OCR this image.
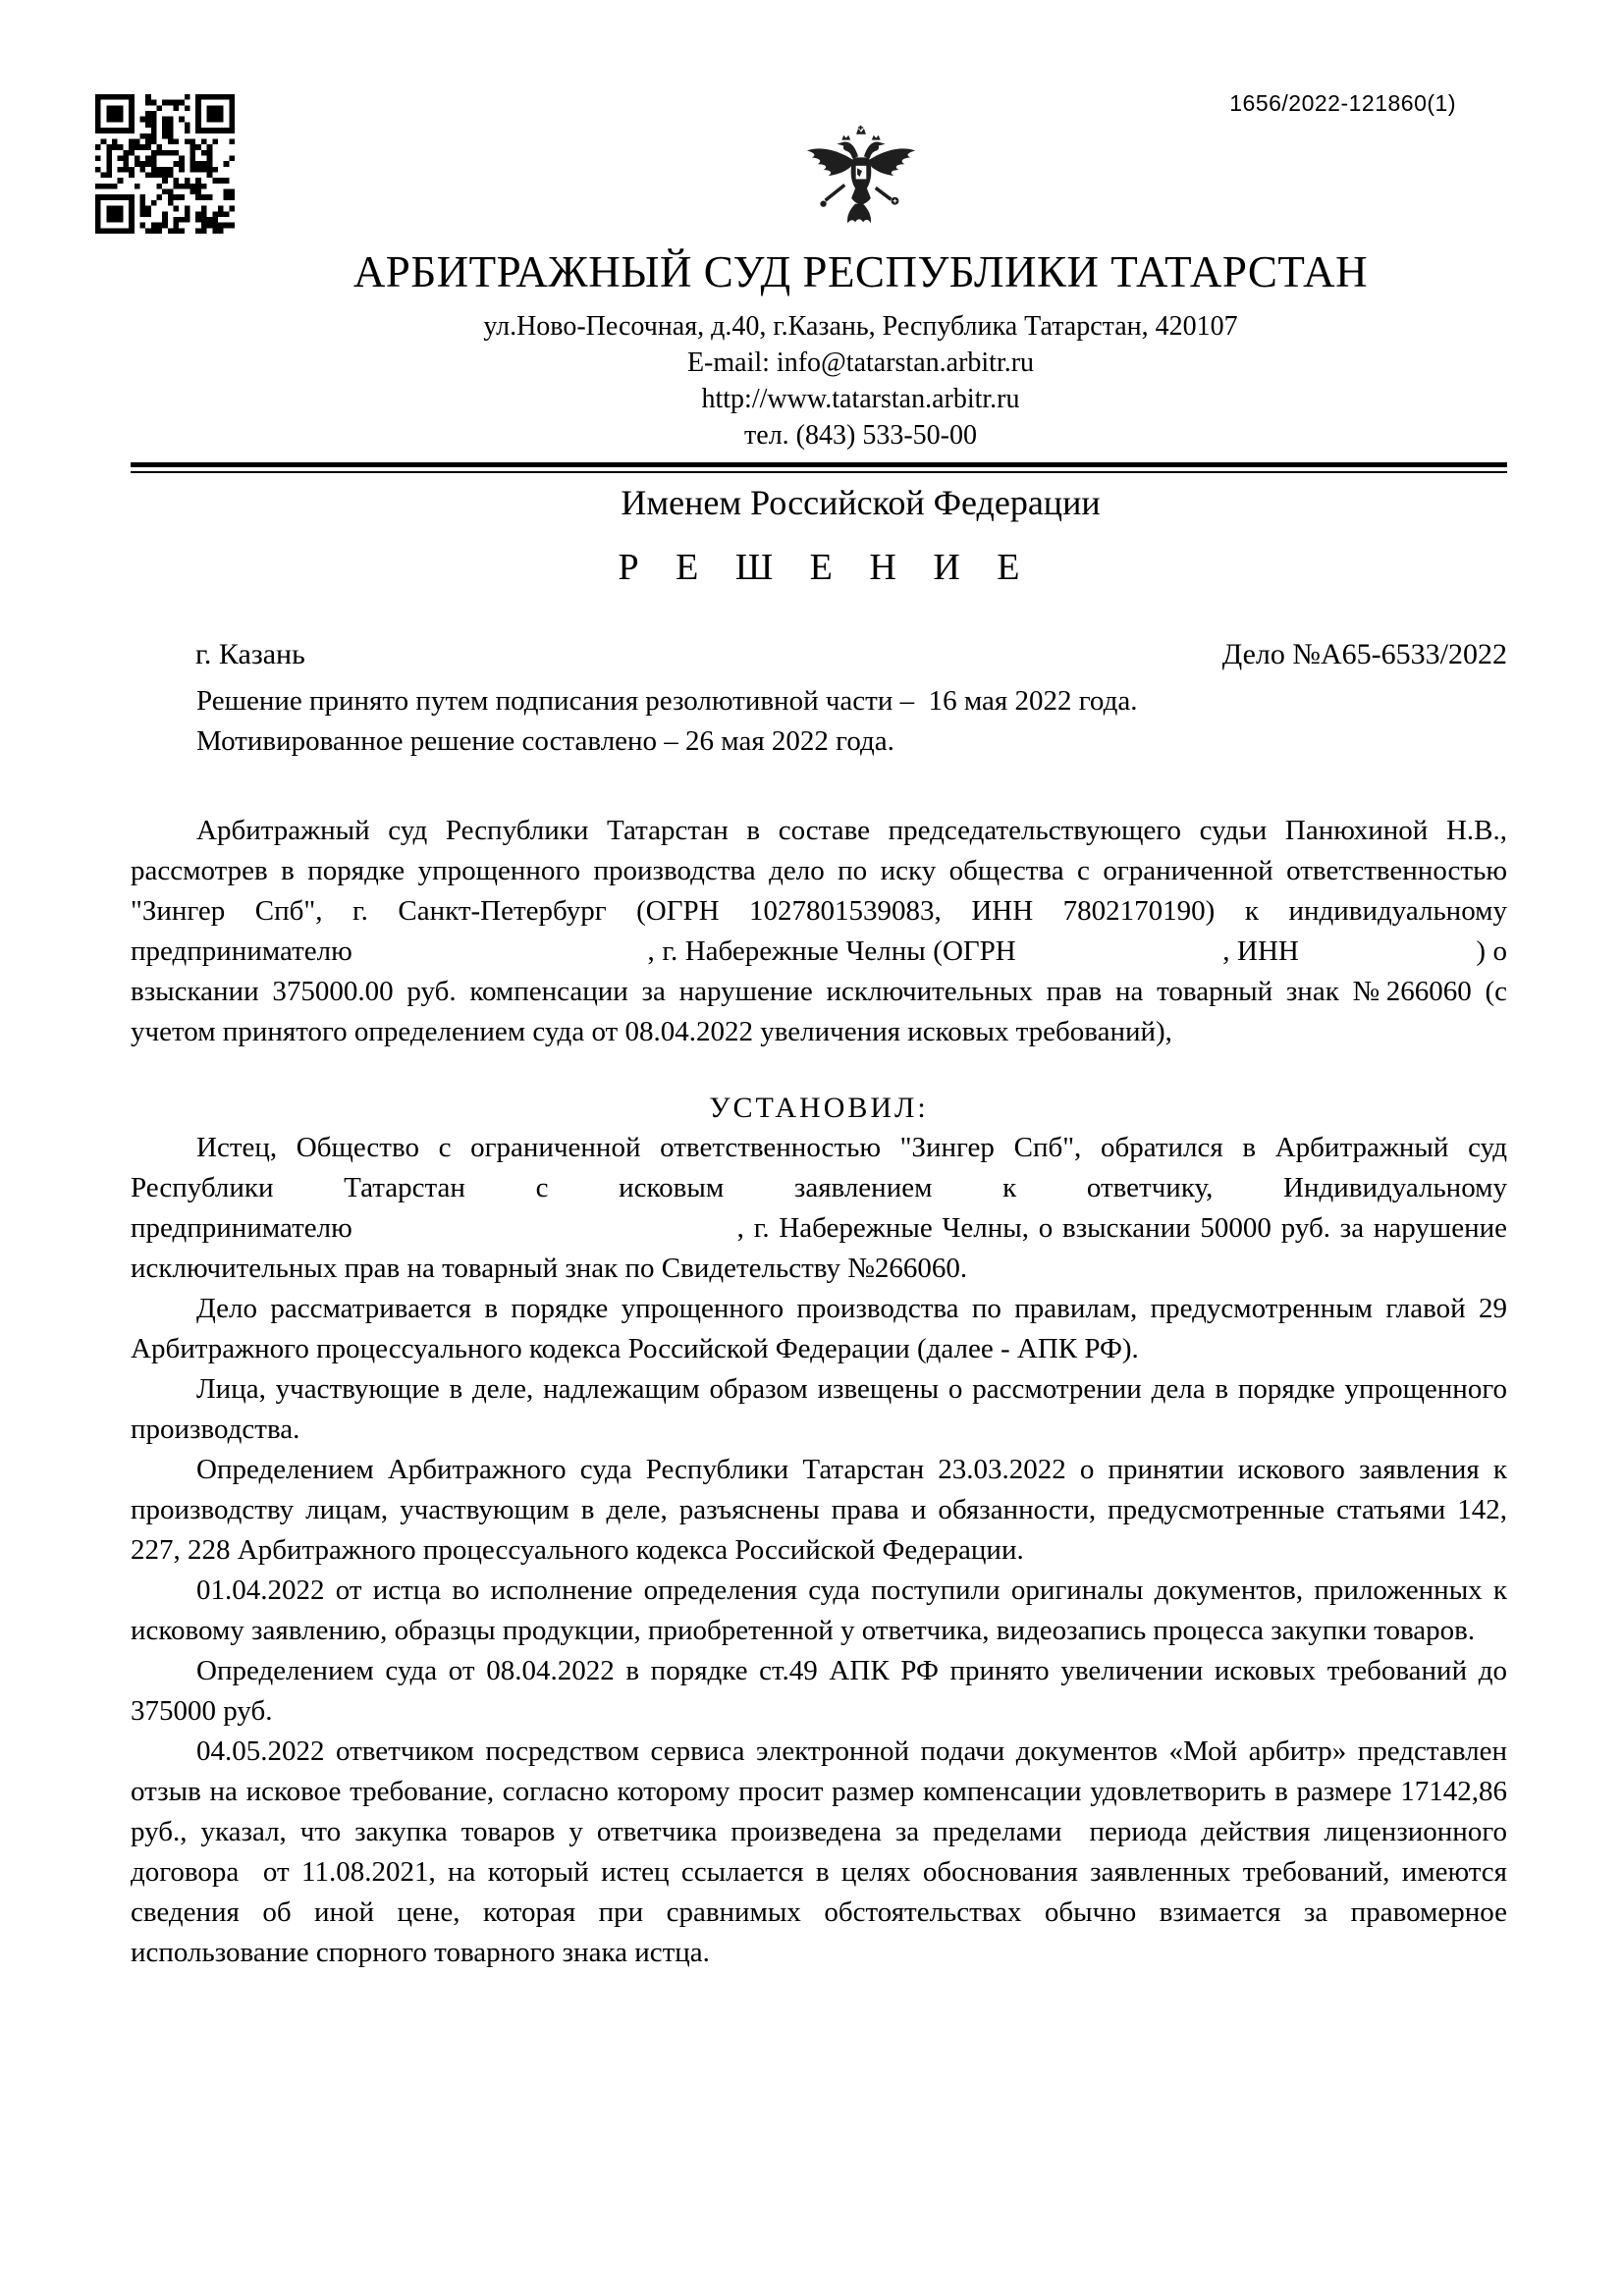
1656/2022-121860(1)
АРБИТРАЖНЫЙ СУД РЕСПУБЛИКИ ТАТАРСТАН
ул.Ново-Песочная, д.40, г.Казань, Республика Татарстан, 420107
E-mail: info@tatarstan.arbitr.ru
http://www.tatarstan.arbitr.ru
тел. (843) 533-50-00
Именем Российской Федерации
Р Е Ш Е Н И Е
г. Казань	Дело №А65-6533/2022

Решение принято путем подписания резолютивной части –  16 мая 2022 года.

Мотивированное решение составлено – 26 мая 2022 года.

Арбитражный суд Республики Татарстан в составе председательствующего судьи Панюхиной Н.В., рассмотрев в порядке упрощенного производства дело по иску общества с ограниченной ответственностью "Зингер Спб", г. Санкт-Петербург (ОГРН 1027801539083, ИНН 7802170190) к индивидуальному предпринимателю                                        , г. Набережные Челны (ОГРН                            , ИНН                        ) о взыскании 375000.00 руб. компенсации за нарушение исключительных прав на товарный знак №266060 (с учетом принятого определением суда от 08.04.2022 увеличения исковых требований),

УСТАНОВИЛ:

Истец, Общество с ограниченной ответственностью "Зингер Спб", обратился в Арбитражный суд Республики Татарстан с исковым заявлением к ответчику, Индивидуальному предпринимателю                                        , г. Набережные Челны, о взыскании 50000 руб. за нарушение исключительных прав на товарный знак по Свидетельству №266060.

Дело рассматривается в порядке упрощенного производства по правилам, предусмотренным главой 29 Арбитражного процессуального кодекса Российской Федерации (далее - АПК РФ).

Лица, участвующие в деле, надлежащим образом извещены о рассмотрении дела в порядке упрощенного производства.

Определением Арбитражного суда Республики Татарстан 23.03.2022 о принятии искового заявления к производству лицам, участвующим в деле, разъяснены права и обязанности, предусмотренные статьями 142, 227, 228 Арбитражного процессуального кодекса Российской Федерации.

01.04.2022 от истца во исполнение определения суда поступили оригиналы документов, приложенных к исковому заявлению, образцы продукции, приобретенной у ответчика, видеозапись процесса закупки товаров.

Определением суда от 08.04.2022 в порядке ст.49 АПК РФ принято увеличении исковых требований до 375000 руб.

04.05.2022 ответчиком посредством сервиса электронной подачи документов «Мой арбитр» представлен отзыв на исковое требование, согласно которому просит размер компенсации удовлетворить в размере 17142,86 руб., указал, что закупка товаров у ответчика произведена за пределами  периода действия лицензионного договора  от 11.08.2021, на который истец ссылается в целях обоснования заявленных требований, имеются сведения об иной цене, которая при сравнимых обстоятельствах обычно взимается за правомерное использование спорного товарного знака истца.
